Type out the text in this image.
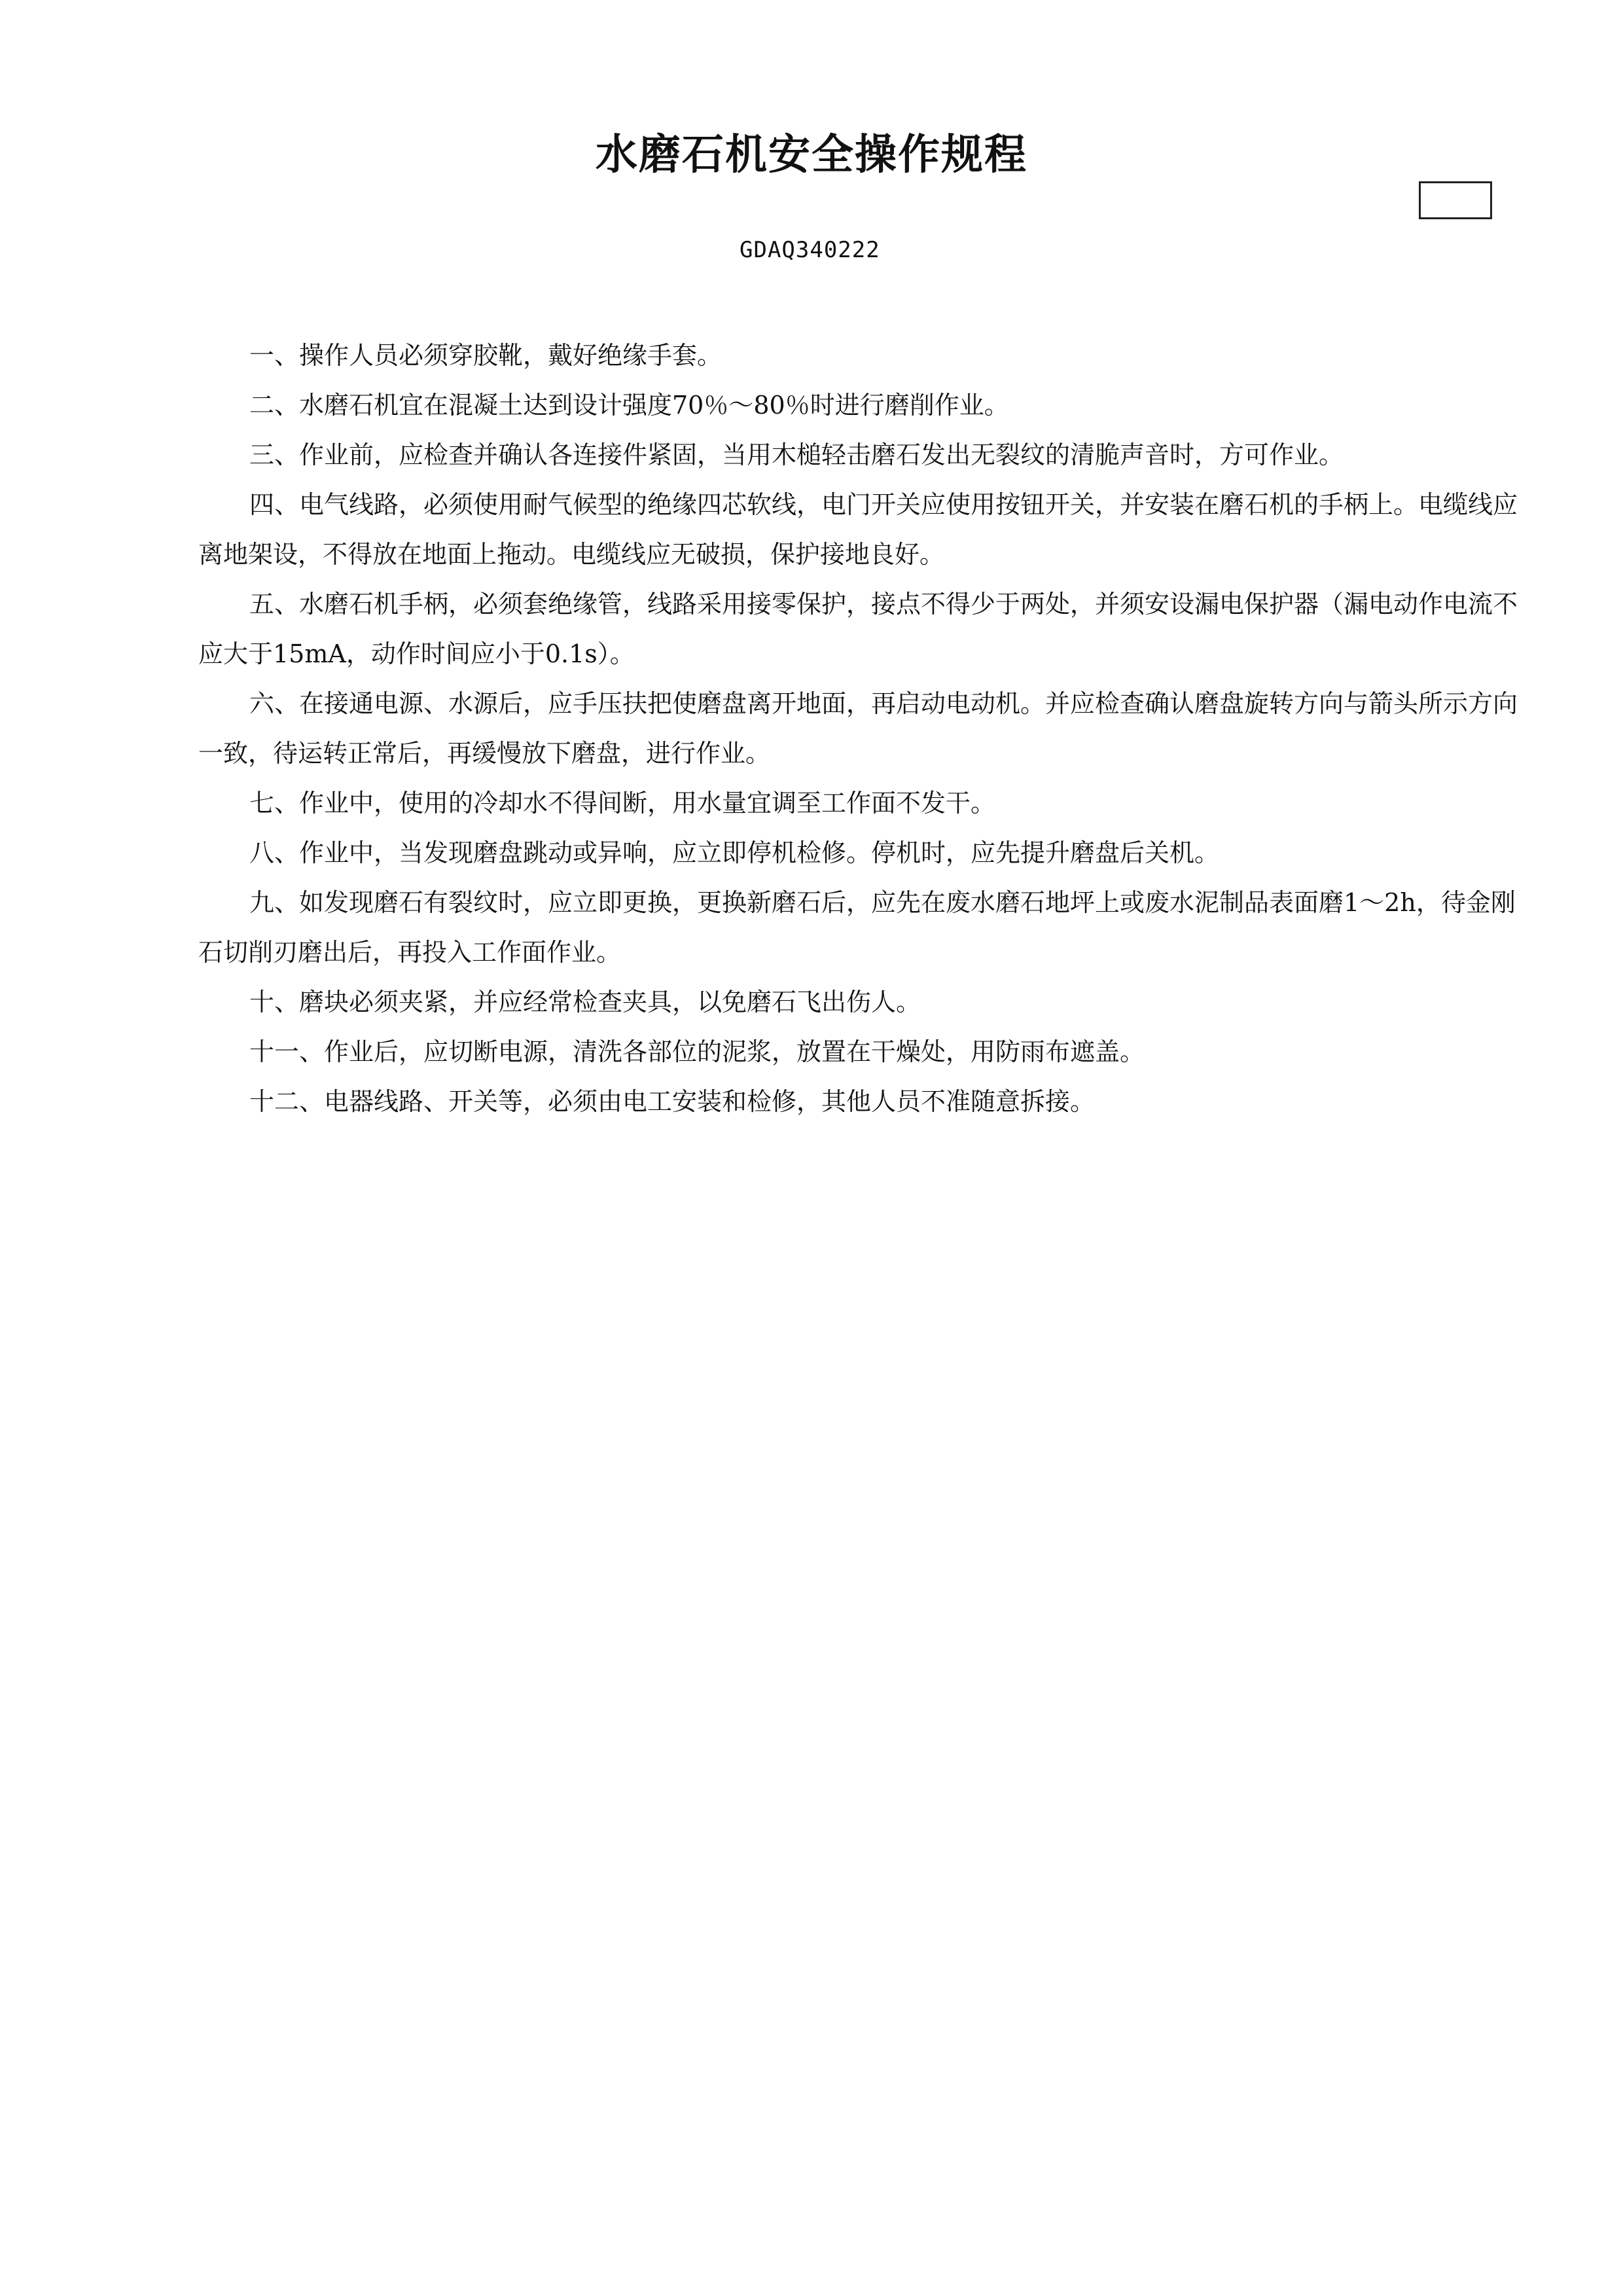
水磨石机安全操作规程
GDAQ340222

一、操作人员必须穿胶靴，戴好绝缘手套。

二、水磨石机宜在混凝土达到设计强度70％～80％时进行磨削作业。

三、作业前，应检查并确认各连接件紧固，当用木槌轻击磨石发出无裂纹的清脆声音时，方可作业。

四、电气线路，必须使用耐气候型的绝缘四芯软线，电门开关应使用按钮开关，并安装在磨石机的手柄上。电缆线应离地架设，不得放在地面上拖动。电缆线应无破损，保护接地良好。

五、水磨石机手柄，必须套绝缘管，线路采用接零保护，接点不得少于两处，并须安设漏电保护器（漏电动作电流不应大于15mA，动作时间应小于0.1s）。

六、在接通电源、水源后，应手压扶把使磨盘离开地面，再启动电动机。并应检查确认磨盘旋转方向与箭头所示方向一致，待运转正常后，再缓慢放下磨盘，进行作业。

七、作业中，使用的冷却水不得间断，用水量宜调至工作面不发干。

八、作业中，当发现磨盘跳动或异响，应立即停机检修。停机时，应先提升磨盘后关机。

九、如发现磨石有裂纹时，应立即更换，更换新磨石后，应先在废水磨石地坪上或废水泥制品表面磨1～2h，待金刚石切削刃磨出后，再投入工作面作业。

十、磨块必须夹紧，并应经常检查夹具，以免磨石飞出伤人。

十一、作业后，应切断电源，清洗各部位的泥浆，放置在干燥处，用防雨布遮盖。

十二、电器线路、开关等，必须由电工安装和检修，其他人员不准随意拆接。
